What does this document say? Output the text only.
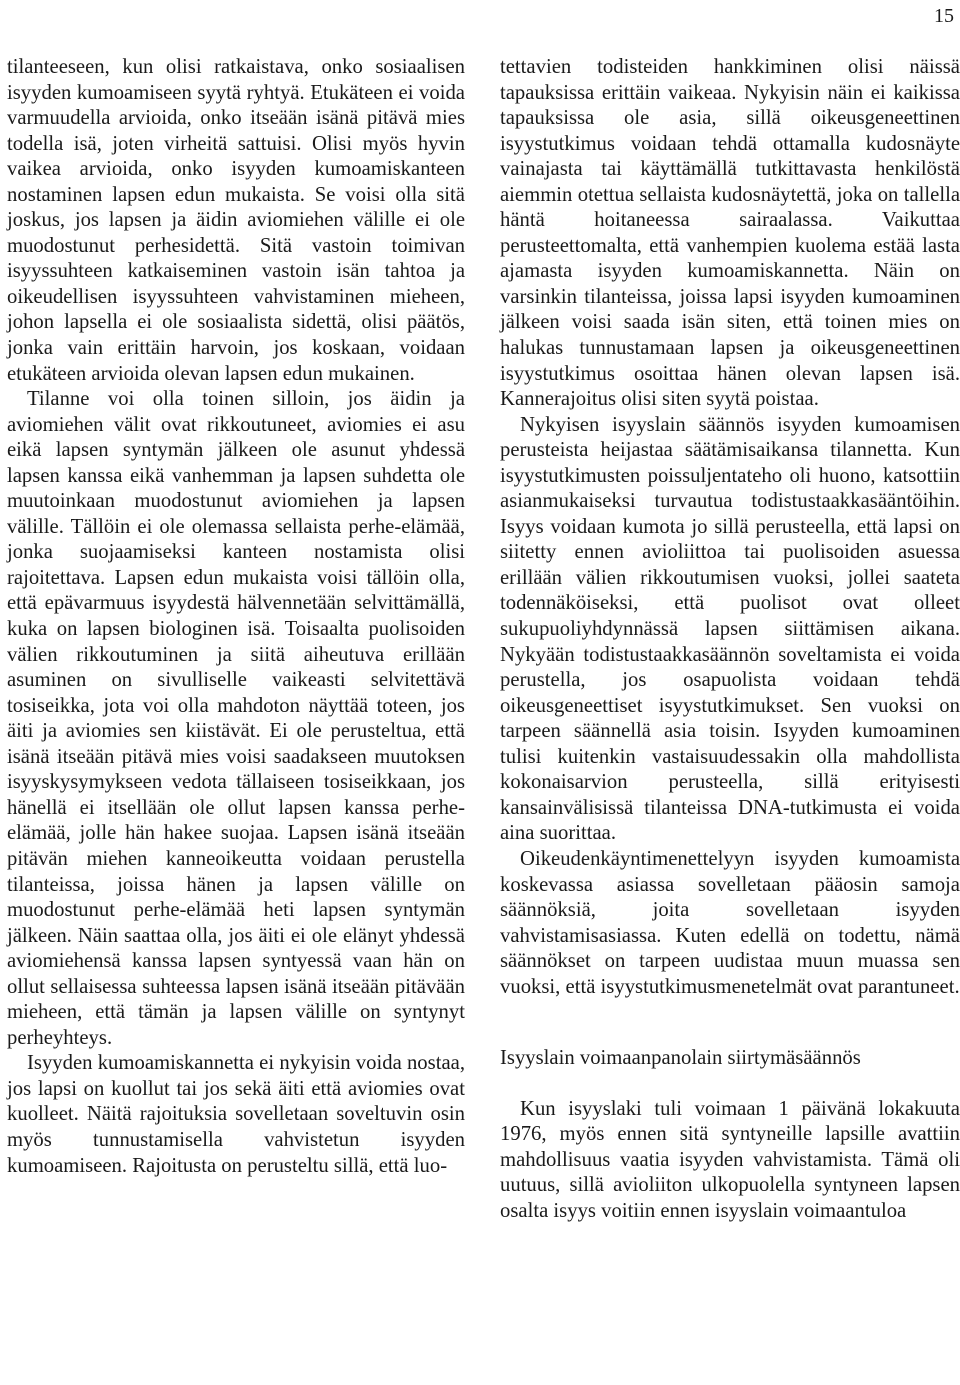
15

tilanteeseen, kun olisi ratkaistava, onko sosiaalisen isyyden kumoamiseen syytä ryhtyä. Etukäteen ei voida varmuudella arvioida, onko itseään isänä pitävä mies todella isä, joten virheitä sattuisi. Olisi myös hyvin vaikea arvioida, onko isyyden kumoamiskanteen nostaminen lapsen edun mukaista. Se voisi olla sitä joskus, jos lapsen ja äidin aviomiehen välille ei ole muodostunut perhesidettä. Sitä vastoin toimivan isyyssuhteen katkaiseminen vastoin isän tahtoa ja oikeudellisen isyyssuhteen vahvistaminen mieheen, johon lapsella ei ole sosiaalista sidettä, olisi päätös, jonka vain erittäin harvoin, jos koskaan, voidaan etukäteen arvioida olevan lapsen edun mukainen.

Tilanne voi olla toinen silloin, jos äidin ja aviomiehen välit ovat rikkoutuneet, aviomies ei asu eikä lapsen syntymän jälkeen ole asunut yhdessä lapsen kanssa eikä vanhemman ja lapsen suhdetta ole muutoinkaan muodostunut aviomiehen ja lapsen välille. Tällöin ei ole olemassa sellaista perhe-elämää, jonka suojaamiseksi kanteen nostamista olisi rajoitettava. Lapsen edun mukaista voisi tällöin olla, että epävarmuus isyydestä hälvennetään selvittämällä, kuka on lapsen biologinen isä. Toisaalta puolisoiden välien rikkoutuminen ja siitä aiheutuva erillään asuminen on sivulliselle vaikeasti selvitettävä tosiseikka, jota voi olla mahdoton näyttää toteen, jos äiti ja aviomies sen kiistävät. Ei ole perusteltua, että isänä itseään pitävä mies voisi saadakseen muutoksen isyyskysymykseen vedota tällaiseen tosiseikkaan, jos hänellä ei itsellään ole ollut lapsen kanssa perhe-elämää, jolle hän hakee suojaa. Lapsen isänä itseään pitävän miehen kanneoikeutta voidaan perustella tilanteissa, joissa hänen ja lapsen välille on muodostunut perhe-elämää heti lapsen syntymän jälkeen. Näin saattaa olla, jos äiti ei ole elänyt yhdessä aviomiehensä kanssa lapsen syntyessä vaan hän on ollut sellaisessa suhteessa lapsen isänä itseään pitävään mieheen, että tämän ja lapsen välille on syntynyt perheyhteys.

Isyyden kumoamiskannetta ei nykyisin voida nostaa, jos lapsi on kuollut tai jos sekä äiti että aviomies ovat kuolleet. Näitä rajoituksia sovelletaan soveltuvin osin myös tunnustamisella vahvistetun isyyden kumoamiseen. Rajoitusta on perusteltu sillä, että luo-

tettavien todisteiden hankkiminen olisi näissä tapauksissa erittäin vaikeaa. Nykyisin näin ei kaikissa tapauksissa ole asia, sillä oikeusgeneettinen isyystutkimus voidaan tehdä ottamalla kudosnäyte vainajasta tai käyttämällä tutkittavasta henkilöstä aiemmin otettua sellaista kudosnäytettä, joka on tallella häntä hoitaneessa sairaalassa. Vaikuttaa perusteettomalta, että vanhempien kuolema estää lasta ajamasta isyyden kumoamiskannetta. Näin on varsinkin tilanteissa, joissa lapsi isyyden kumoaminen jälkeen voisi saada isän siten, että toinen mies on halukas tunnustamaan lapsen ja oikeusgeneettinen isyystutkimus osoittaa hänen olevan lapsen isä. Kannerajoitus olisi siten syytä poistaa.

Nykyisen isyyslain säännös isyyden kumoamisen perusteista heijastaa säätämisaikansa tilannetta. Kun isyystutkimusten poissuljentateho oli huono, katsottiin asianmukaiseksi turvautua todistustaakkasääntöihin. Isyys voidaan kumota jo sillä perusteella, että lapsi on siitetty ennen avioliittoa tai puolisoiden asuessa erillään välien rikkoutumisen vuoksi, jollei saateta todennäköiseksi, että puolisot ovat olleet sukupuoliyhdynnässä lapsen siittämisen aikana. Nykyään todistustaakkasäännön soveltamista ei voida perustella, jos osapuolista voidaan tehdä oikeusgeneettiset isyystutkimukset. Sen vuoksi on tarpeen säännellä asia toisin. Isyyden kumoaminen tulisi kuitenkin vastaisuudessakin olla mahdollista kokonaisarvion perusteella, sillä erityisesti kansainvälisissä tilanteissa DNA-tutkimusta ei voida aina suorittaa.

Oikeudenkäyntimenettelyyn isyyden kumoamista koskevassa asiassa sovelletaan pääosin samoja säännöksiä, joita sovelletaan isyyden vahvistamisasiassa. Kuten edellä on todettu, nämä säännökset on tarpeen uudistaa muun muassa sen vuoksi, että isyystutkimusmenetelmät ovat parantuneet.

Isyyslain voimaanpanolain siirtymäsäännös

Kun isyyslaki tuli voimaan 1 päivänä lokakuuta 1976, myös ennen sitä syntyneille lapsille avattiin mahdollisuus vaatia isyyden vahvistamista. Tämä oli uutuus, sillä avioliiton ulkopuolella syntyneen lapsen osalta isyys voitiin ennen isyyslain voimaantuloa
